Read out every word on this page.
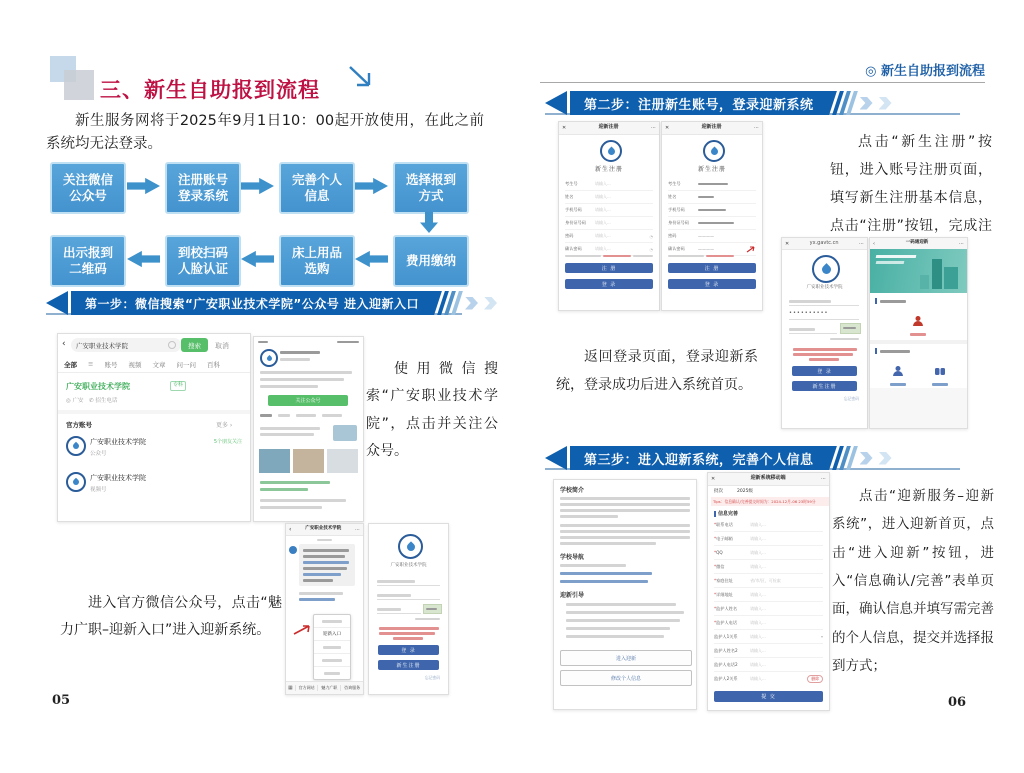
三、新生自助报到流程
新生服务网将于2025年9月1日10：00起开放使用，在此之前系统均无法登录。
关注微信
公众号
注册账号
登录系统
完善个人
信息
选择报到
方式
出示报到
二维码
到校扫码
人脸认证
床上用品
选购
费用缴纳
第一步：微信搜索“广安职业技术学院”公众号 进入迎新入口
‹ 广安职业技术学院	搜索	取消
全部 ≡ 账号 视频 文章 问一问 百科
广安职业技术学院	专科
◎ 广安　✆ 招生电话
官方账号	更多 ›
广安职业技术学院	5个朋友关注
公众号
广安职业技术学院
视频号
关注公众号
使用微信搜索“广安职业技术学院”，点击并关注公众号。
进入官方微信公众号，点击“魅力广职–迎新入口”进入迎新系统。
‹	广安职业技术学院	⋯
迎新入口
▦	官方网站	魅力广职	咨询服务
广安职业技术学院
登 录
新生注册
忘记密码
05
◎ 新生自助报到流程
第二步：注册新生账号，登录迎新系统
✕	迎新注册	⋯
新生注册
考生号	请输入...
姓名	请输入...
手机号码	请输入...
身份证号码	请输入...
密码	请输入...	◔
确认密码	请输入...	◔
注 册
登 录
✕	迎新注册	⋯
新生注册
考生号
姓名
手机号码
身份证号码
密码	————
确认密码	————
注 册
登 录
点击“新生注册”按钮，进入账号注册页面，填写新生注册基本信息，点击“注册”按钮，完成注
返回登录页面，登录迎新系统，登录成功后进入系统首页。
✕	yx.gavtc.cn	⋯
广安职业技术学院
••••••••••
登 录
新生注册
忘记密码
‹	一码通迎新	⋯
第三步：进入迎新系统，完善个人信息
学校简介
学校导航
迎新引导
进入迎新
修改个人信息
✕	迎新系统移动端	⋯
批次	2025级
Tips：信息确认/完善提交时间为：2024-12月-06 23时59分
信息完善
* 联系电话	请输入...
* 电子邮箱	请输入...
* QQ	请输入...
* 微信	请输入...
* 家庭住址	省/市/区，可检索
* 详细地址	请输入...
* 监护人姓名	请输入...
* 监护人电话	请输入...
监护人1关系	请输入...	▾
监护人姓名2	请输入...
监护人电话2	请输入...
监护人2关系	请输入...	删除
提 交
点击“迎新服务–迎新系统”，进入迎新首页，点击“进入迎新”按钮，进入“信息确认/完善”表单页面，确认信息并填写需完善的个人信息，提交并选择报到方式；
06
